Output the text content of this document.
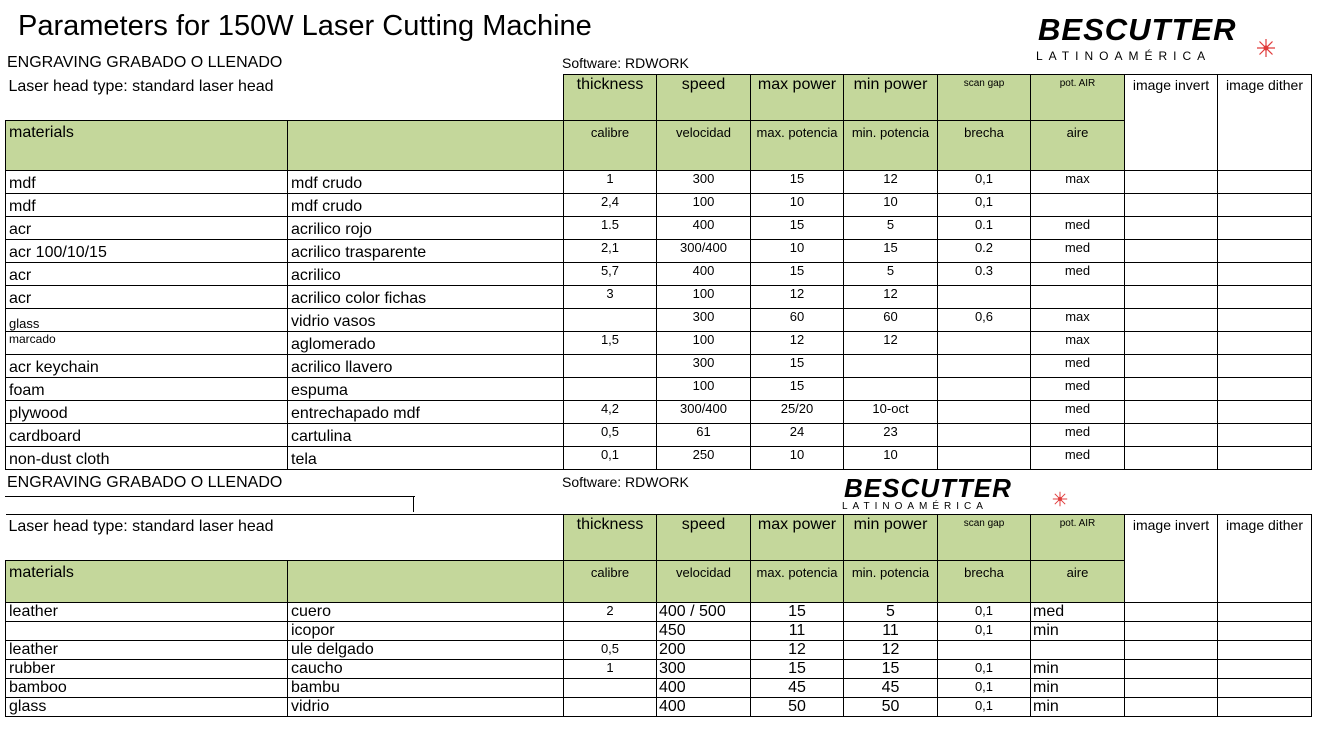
Parameters for 150W Laser Cutting Machine	BESCUTTER
LATINOAMÉRICA
ENGRAVING GRABADO O LLENADO	Software: RDWORK
Laser head type: standard laser head		thickness	speed	max power	min power	scan gap	pot. AIR	image invert	image dither
materials		calibre	velocidad	max. potencia	min. potencia	brecha	aire		
mdf	mdf crudo	1	300	15	12	0,1	max		
mdf	mdf crudo	2,4	100	10	10	0,1			
acr	acrilico rojo	1.5	400	15	5	0.1	med		
acr 100/10/15	acrilico trasparente	2,1	300/400	10	15	0.2	med		
acr	acrilico	5,7	400	15	5	0.3	med		
acr	acrilico color fichas	3	100	12	12				
glass	vidrio vasos		300	60	60	0,6	max		
marcado	aglomerado	1,5	100	12	12		max		
acr keychain	acrilico llavero		300	15			med		
foam	espuma		100	15			med		
plywood	entrechapado mdf	4,2	300/400	25/20	10-oct		med		
cardboard	cartulina	0,5	61	24	23		med		
non-dust cloth	tela	0,1	250	10	10		med		
ENGRAVING GRABADO O LLENADO	Software: RDWORK	BESCUTTER
LATINOAMÉRICA
Laser head type: standard laser head		thickness	speed	max power	min power	scan gap	pot. AIR	image invert	image dither
materials		calibre	velocidad	max. potencia	min. potencia	brecha	aire		
leather	cuero	2	400 / 500	15	5	0,1	med		
	icopor		450	11	11	0,1	min		
leather	ule delgado	0,5	200	12	12				
rubber	caucho	1	300	15	15	0,1	min		
bamboo	bambu		400	45	45	0,1	min		
glass	vidrio		400	50	50	0,1	min		
